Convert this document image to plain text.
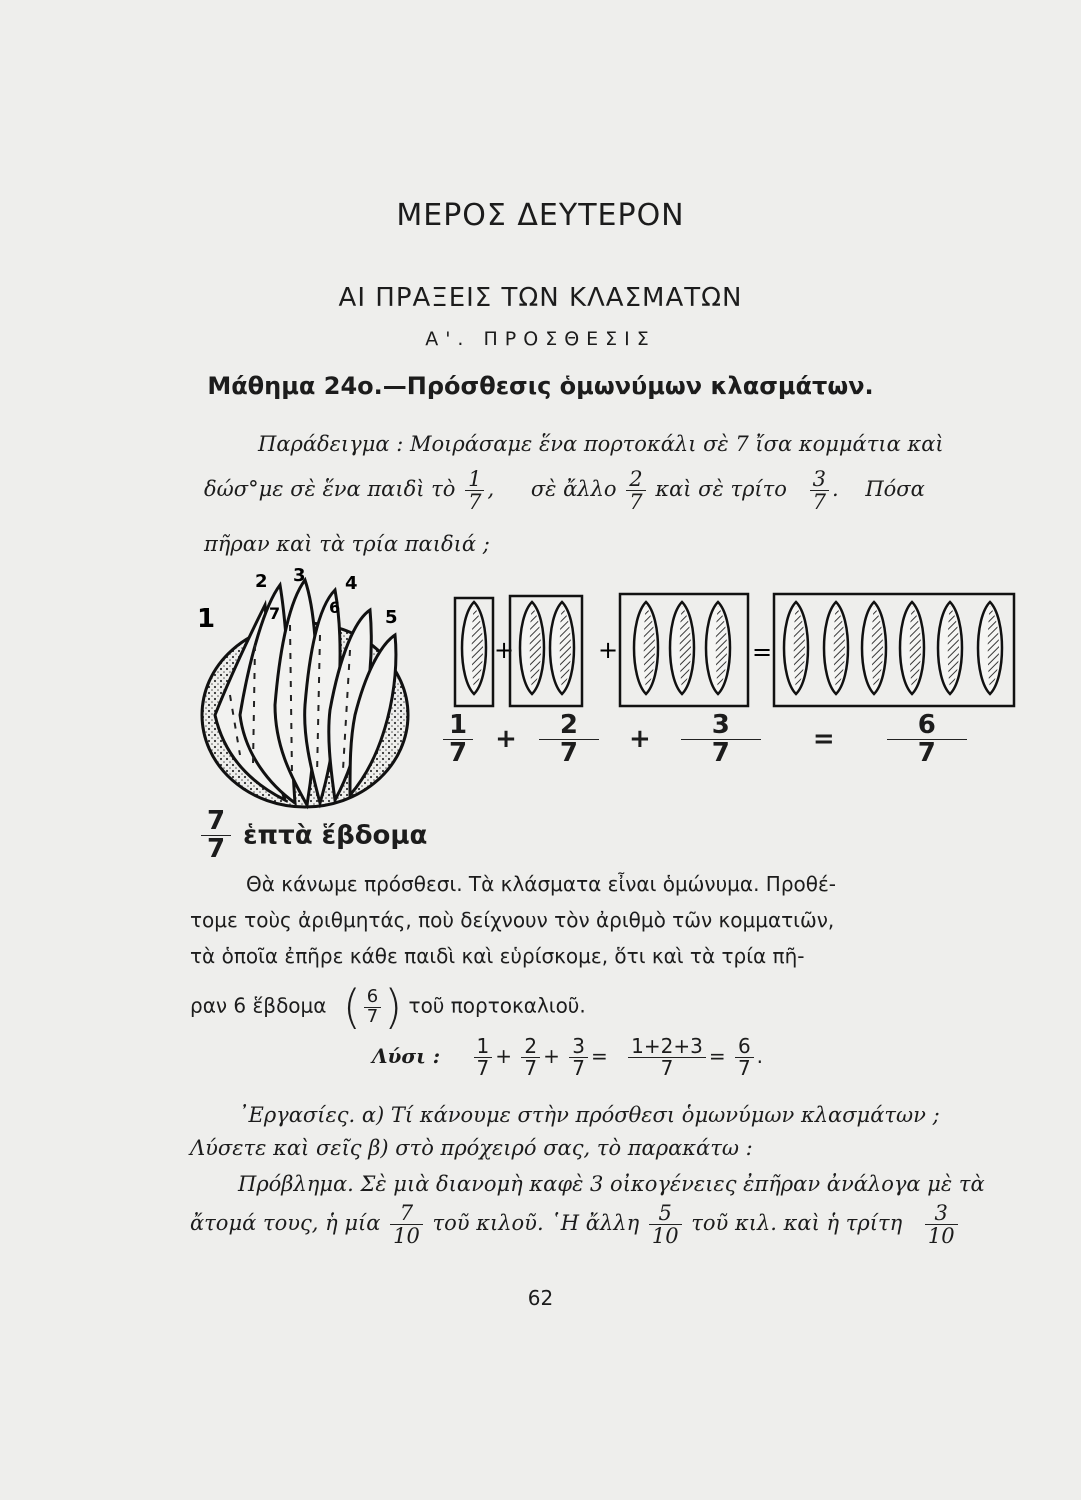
ΜΕΡΟΣ ΔΕΥΤΕΡΟΝ
ΑΙ ΠΡΑΞΕΙΣ ΤΩΝ ΚΛΑΣΜΑΤΩΝ
Α'. ΠΡΟΣΘΕΣΙΣ
Μάθημα 24ο.—Πρόσθεσις ὁμωνύμων κλασμάτων.
Παράδειγμα : Μοιράσαμε ἕνα πορτοκάλι σὲ 7 ἴσα κομμάτια καὶ
δώσ°με σὲ ἕνα παιδὶ τὸ $\frac{1}{7}$ , σὲ ἄλλο $\frac{2}{7}$ καὶ σὲ τρίτο $\frac{3}{7}$ . Πόσα
πῆραν καὶ τὰ τρία παιδιά ;
1
2 3 4
5
6
7
+	+	=
$\frac{1}{7} + \frac{2}{7} + \frac{3}{7} = \frac{6}{7}$
$\frac{7}{7}$ ἑπτὰ ἕβδομα
Θὰ κάνωμε πρόσθεσι. Τὰ κλάσματα εἶναι ὁμώνυμα. Προθέ-
τομε τοὺς ἀριθμητάς, ποὺ δείχνουν τὸν ἀριθμὸ τῶν κομματιῶν,
τὰ ὁποῖα ἐπῆρε κάθε παιδὶ καὶ εὑρίσκομε, ὅτι καὶ τὰ τρία πῆ-
ραν 6 ἕβδομα ( $\frac{6}{7}$ ) τοῦ πορτοκαλιοῦ.
Λύσι : $\frac{1}{7} + \frac{2}{7} + \frac{3}{7} = \frac{1+2+3}{7} = \frac{6}{7}$ .
᾿Εργασίες. α) Τί κάνουμε στὴν πρόσθεσι ὁμωνύμων κλασμάτων ;
Λύσετε καὶ σεῖς β) στὸ πρόχειρό σας, τὸ παρακάτω :
Πρόβλημα. Σὲ μιὰ διανομὴ καφὲ 3 οἰκογένειες ἐπῆραν ἀνάλογα μὲ τὰ
ἄτομά τους, ἡ μία $\frac{7}{10}$ τοῦ κιλοῦ. ῾Η ἄλλη $\frac{5}{10}$ τοῦ κιλ. καὶ ἡ τρίτη $\frac{3}{10}$
62
